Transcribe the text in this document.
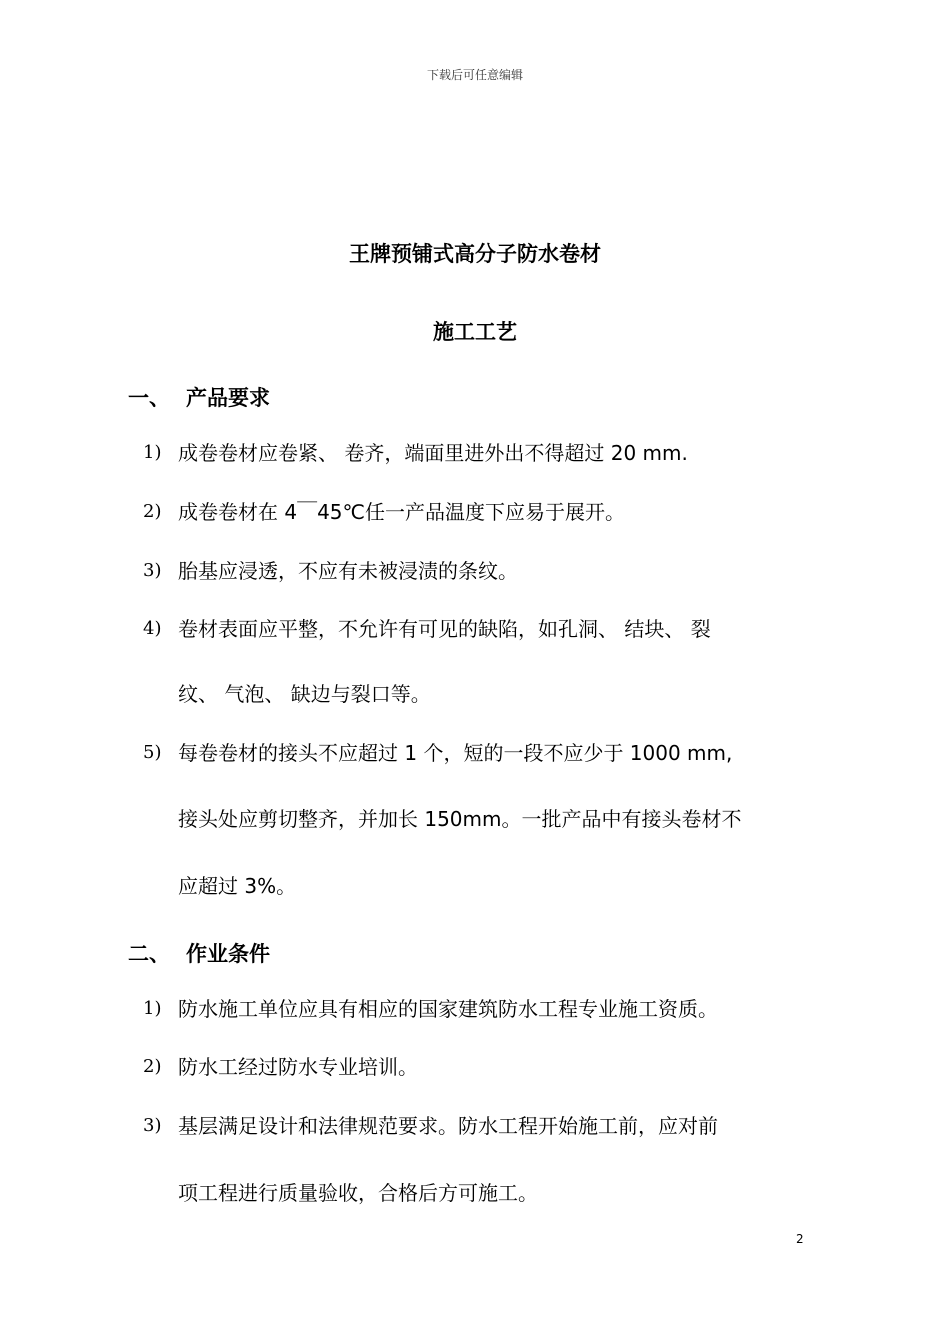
下载后可任意编辑
王牌预铺式高分子防水卷材
施工工艺
一、 产品要求
1) 成卷卷材应卷紧、 卷齐，端面里进外出不得超过 20 mm.
2) 成卷卷材在 4￣45℃任一产品温度下应易于展开。
3) 胎基应浸透，不应有未被浸渍的条纹。
4) 卷材表面应平整，不允许有可见的缺陷，如孔洞、 结块、 裂
纹、 气泡、 缺边与裂口等。
5) 每卷卷材的接头不应超过 1 个，短的一段不应少于 1000 mm,
接头处应剪切整齐，并加长 150mm。一批产品中有接头卷材不
应超过 3%。
二、 作业条件
1) 防水施工单位应具有相应的国家建筑防水工程专业施工资质。
2) 防水工经过防水专业培训。
3) 基层满足设计和法律规范要求。防水工程开始施工前，应对前
项工程进行质量验收，合格后方可施工。
2
